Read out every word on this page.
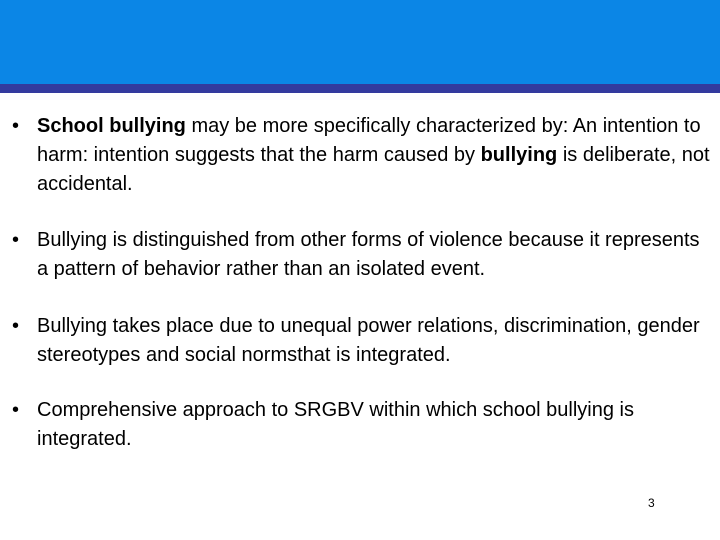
• School bullying may be more specifically characterized by: An intention to harm: intention suggests that the harm caused by bullying is deliberate, not accidental.
• Bullying is distinguished from other forms of violence because it represents a pattern of behavior rather than an isolated event.
• Bullying takes place due to unequal power relations, discrimination, gender stereotypes and social normsthat is integrated.
• Comprehensive approach to SRGBV within which school bullying is integrated.
3
